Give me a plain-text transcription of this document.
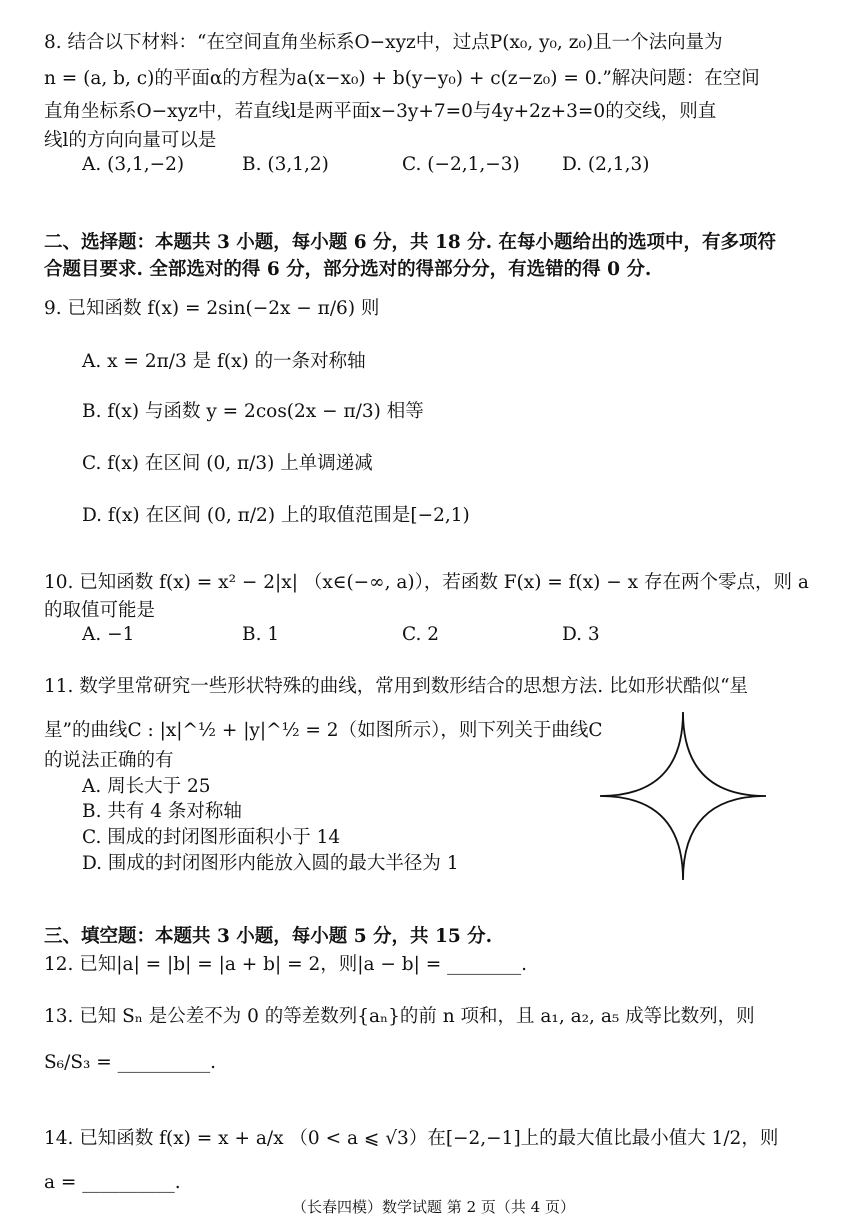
8. 结合以下材料：“在空间直角坐标系O−xyz中，过点P(x₀, y₀, z₀)且一个法向量为
n = (a, b, c)的平面α的方程为a(x−x₀) + b(y−y₀) + c(z−z₀) = 0.”解决问题：在空间
直角坐标系O−xyz中，若直线l是两平面x−3y+7=0与4y+2z+3=0的交线，则直
线l的方向向量可以是
A. (3,1,−2)	B. (3,1,2)	C. (−2,1,−3) D. (2,1,3)
二、选择题：本题共 3 小题，每小题 6 分，共 18 分. 在每小题给出的选项中，有多项符
合题目要求. 全部选对的得 6 分，部分选对的得部分分，有选错的得 0 分.
9. 已知函数 f(x) = 2sin(−2x − π/6) 则
A. x = 2π/3 是 f(x) 的一条对称轴
B. f(x) 与函数 y = 2cos(2x − π/3) 相等
C. f(x) 在区间 (0, π/3) 上单调递减
D. f(x) 在区间 (0, π/2) 上的取值范围是[−2,1)
10. 已知函数 f(x) = x² − 2|x| （x∈(−∞, a)），若函数 F(x) = f(x) − x 存在两个零点，则 a
的取值可能是
A. −1	B. 1	C. 2	D. 3
11. 数学里常研究一些形状特殊的曲线，常用到数形结合的思想方法. 比如形状酷似“星
星”的曲线C : |x|^½ + |y|^½ = 2（如图所示），则下列关于曲线C
的说法正确的有
A. 周长大于 25
B. 共有 4 条对称轴
C. 围成的封闭图形面积小于 14
D. 围成的封闭图形内能放入圆的最大半径为 1
三、填空题：本题共 3 小题，每小题 5 分，共 15 分.
12. 已知|a| = |b| = |a + b| = 2，则|a − b| = ________.
13. 已知 Sₙ 是公差不为 0 的等差数列{aₙ}的前 n 项和，且 a₁, a₂, a₅ 成等比数列，则
S₆/S₃ = __________.
14. 已知函数 f(x) = x + a/x （0 < a ⩽ √3）在[−2,−1]上的最大值比最小值大 1/2，则
a = __________.
（长春四模）数学试题 第 2 页（共 4 页）
